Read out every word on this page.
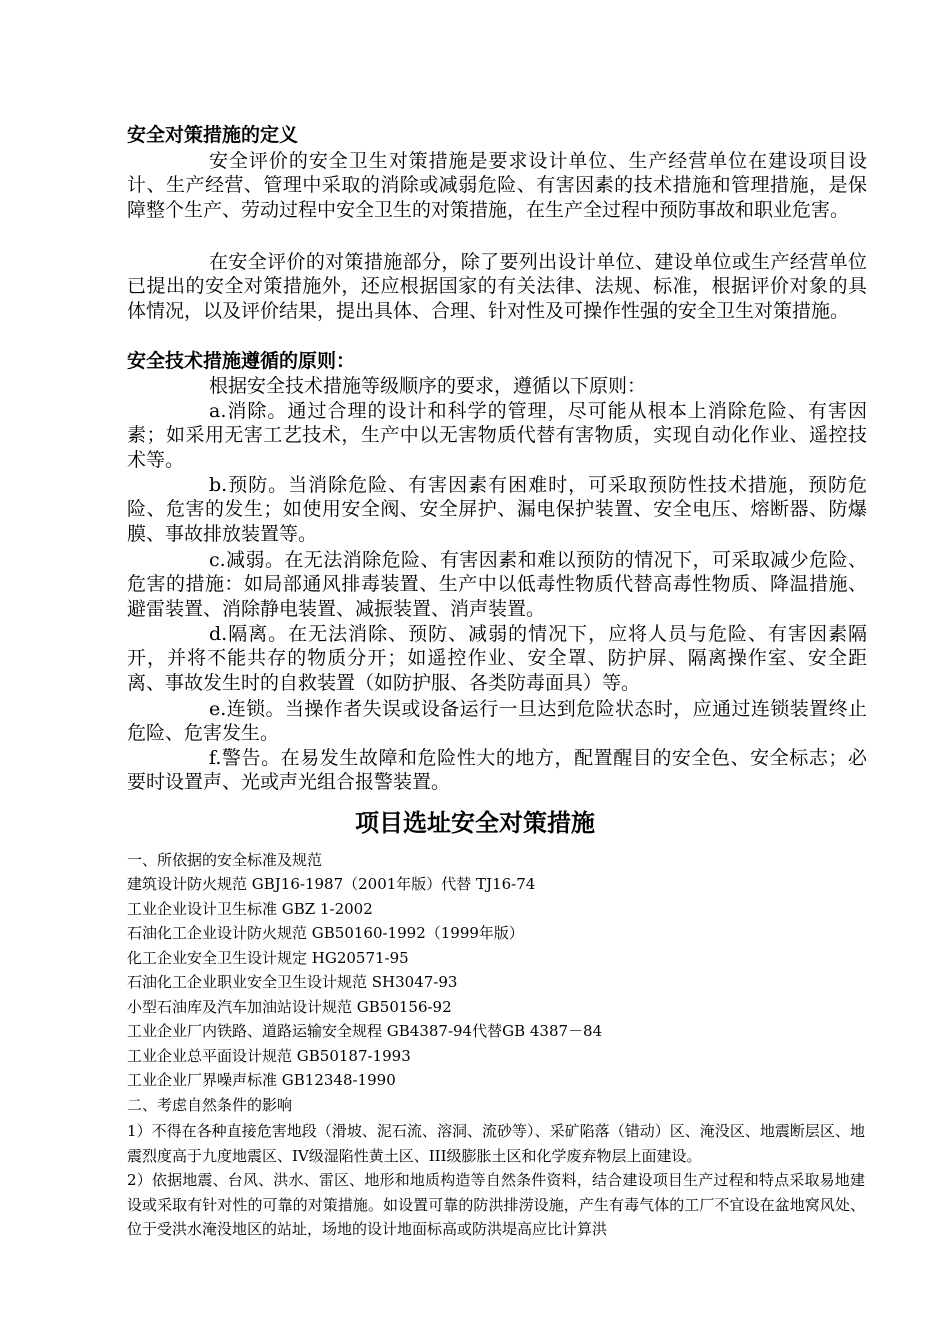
安全对策措施的定义

安全评价的安全卫生对策措施是要求设计单位、生产经营单位在建设项目设计、生产经营、管理中采取的消除或减弱危险、有害因素的技术措施和管理措施，是保障整个生产、劳动过程中安全卫生的对策措施，在生产全过程中预防事故和职业危害。

在安全评价的对策措施部分，除了要列出设计单位、建设单位或生产经营单位已提出的安全对策措施外，还应根据国家的有关法律、法规、标准，根据评价对象的具体情况，以及评价结果，提出具体、合理、针对性及可操作性强的安全卫生对策措施。

安全技术措施遵循的原则：

根据安全技术措施等级顺序的要求，遵循以下原则：

a.消除。通过合理的设计和科学的管理，尽可能从根本上消除危险、有害因素；如采用无害工艺技术，生产中以无害物质代替有害物质，实现自动化作业、遥控技术等。

b.预防。当消除危险、有害因素有困难时，可采取预防性技术措施，预防危险、危害的发生；如使用安全阀、安全屏护、漏电保护装置、安全电压、熔断器、防爆膜、事故排放装置等。

c.减弱。在无法消除危险、有害因素和难以预防的情况下，可采取减少危险、危害的措施：如局部通风排毒装置、生产中以低毒性物质代替高毒性物质、降温措施、避雷装置、消除静电装置、减振装置、消声装置。

d.隔离。在无法消除、预防、减弱的情况下，应将人员与危险、有害因素隔开，并将不能共存的物质分开；如遥控作业、安全罩、防护屏、隔离操作室、安全距离、事故发生时的自救装置（如防护服、各类防毒面具）等。

e.连锁。当操作者失误或设备运行一旦达到危险状态时，应通过连锁装置终止危险、危害发生。

f.警告。在易发生故障和危险性大的地方，配置醒目的安全色、安全标志；必要时设置声、光或声光组合报警装置。

项目选址安全对策措施

一、所依据的安全标准及规范

建筑设计防火规范 GBJ16-1987（2001年版）代替 TJ16-74

工业企业设计卫生标准 GBZ 1-2002

石油化工企业设计防火规范 GB50160-1992（1999年版）

化工企业安全卫生设计规定 HG20571-95

石油化工企业职业安全卫生设计规范 SH3047-93

小型石油库及汽车加油站设计规范 GB50156-92

工业企业厂内铁路、道路运输安全规程 GB4387-94代替GB 4387－84

工业企业总平面设计规范 GB50187-1993

工业企业厂界噪声标准 GB12348-1990

二、考虑自然条件的影响

1）不得在各种直接危害地段（滑坡、泥石流、溶洞、流砂等）、采矿陷落（错动）区、淹没区、地震断层区、地震烈度高于九度地震区、IV级湿陷性黄土区、III级膨胀土区和化学废弃物层上面建设。

2）依据地震、台风、洪水、雷区、地形和地质构造等自然条件资料，结合建设项目生产过程和特点采取易地建设或采取有针对性的可靠的对策措施。如设置可靠的防洪排涝设施，产生有毒气体的工厂不宜设在盆地窝风处、位于受洪水淹没地区的站址，场地的设计地面标高或防洪堤高应比计算洪
